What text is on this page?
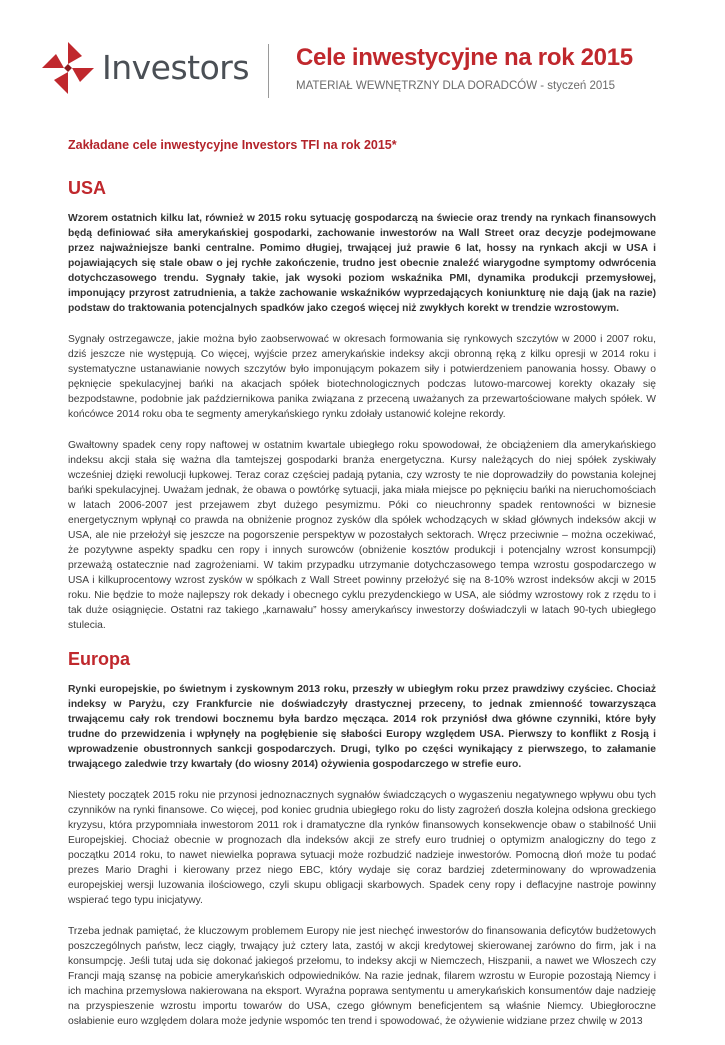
Investors Cele inwestycyjne na rok 2015
MATERIAŁ WEWNĘTRZNY DLA DORADCÓW - styczeń 2015
Zakładane cele inwestycyjne Investors TFI na rok 2015*
USA

Wzorem ostatnich kilku lat, również w 2015 roku sytuację gospodarczą na świecie oraz trendy na rynkach finansowych będą definiować siła amerykańskiej gospodarki, zachowanie inwestorów na Wall Street oraz decyzje podejmowane przez najważniejsze banki centralne. Pomimo długiej, trwającej już prawie 6 lat, hossy na rynkach akcji w USA i pojawiających się stale obaw o jej rychłe zakończenie, trudno jest obecnie znaleźć wiarygodne symptomy odwrócenia dotychczasowego trendu. Sygnały takie, jak wysoki poziom wskaźnika PMI, dynamika produkcji przemysłowej, imponujący przyrost zatrudnienia, a także zachowanie wskaźników wyprzedających koniunkturę nie dają (jak na razie) podstaw do traktowania potencjalnych spadków jako czegoś więcej niż zwykłych korekt w trendzie wzrostowym.

Sygnały ostrzegawcze, jakie można było zaobserwować w okresach formowania się rynkowych szczytów w 2000 i 2007 roku, dziś jeszcze nie występują. Co więcej, wyjście przez amerykańskie indeksy akcji obronną ręką z kilku opresji w 2014 roku i systematyczne ustanawianie nowych szczytów było imponującym pokazem siły i potwierdzeniem panowania hossy. Obawy o pęknięcie spekulacyjnej bańki na akacjach spółek biotechnologicznych podczas lutowo-marcowej korekty okazały się bezpodstawne, podobnie jak październikowa panika związana z przeceną uważanych za przewartościowane małych spółek. W końcówce 2014 roku oba te segmenty amerykańskiego rynku zdołały ustanowić kolejne rekordy.

Gwałtowny spadek ceny ropy naftowej w ostatnim kwartale ubiegłego roku spowodował, że obciążeniem dla amerykańskiego indeksu akcji stała się ważna dla tamtejszej gospodarki branża energetyczna. Kursy należących do niej spółek zyskiwały wcześniej dzięki rewolucji łupkowej. Teraz coraz częściej padają pytania, czy wzrosty te nie doprowadziły do powstania kolejnej bańki spekulacyjnej. Uważam jednak, że obawa o powtórkę sytuacji, jaka miała miejsce po pęknięciu bańki na nieruchomościach w latach 2006-2007 jest przejawem zbyt dużego pesymizmu. Póki co nieuchronny spadek rentowności w biznesie energetycznym wpłynął co prawda na obniżenie prognoz zysków dla spółek wchodzących w skład głównych indeksów akcji w USA, ale nie przełożył się jeszcze na pogorszenie perspektyw w pozostałych sektorach. Wręcz przeciwnie – można oczekiwać, że pozytywne aspekty spadku cen ropy i innych surowców (obniżenie kosztów produkcji i potencjalny wzrost konsumpcji) przeważą ostatecznie nad zagrożeniami. W takim przypadku utrzymanie dotychczasowego tempa wzrostu gospodarczego w USA i kilkuprocentowy wzrost zysków w spółkach z Wall Street powinny przełożyć się na 8-10% wzrost indeksów akcji w 2015 roku. Nie będzie to może najlepszy rok dekady i obecnego cyklu prezydenckiego w USA, ale siódmy wzrostowy rok z rzędu to i tak duże osiągnięcie. Ostatni raz takiego „karnawału” hossy amerykańscy inwestorzy doświadczyli w latach 90-tych ubiegłego stulecia.

Europa

Rynki europejskie, po świetnym i zyskownym 2013 roku, przeszły w ubiegłym roku przez prawdziwy czyściec. Chociaż indeksy w Paryżu, czy Frankfurcie nie doświadczyły drastycznej przeceny, to jednak zmienność towarzysząca trwającemu cały rok trendowi bocznemu była bardzo męcząca. 2014 rok przyniósł dwa główne czynniki, które były trudne do przewidzenia i wpłynęły na pogłębienie się słabości Europy względem USA. Pierwszy to konflikt z Rosją i wprowadzenie obustronnych sankcji gospodarczych. Drugi, tylko po części wynikający z pierwszego, to załamanie trwającego zaledwie trzy kwartały (do wiosny 2014) ożywienia gospodarczego w strefie euro.

Niestety początek 2015 roku nie przynosi jednoznacznych sygnałów świadczących o wygaszeniu negatywnego wpływu obu tych czynników na rynki finansowe. Co więcej, pod koniec grudnia ubiegłego roku do listy zagrożeń doszła kolejna odsłona greckiego kryzysu, która przypomniała inwestorom 2011 rok i dramatyczne dla rynków finansowych konsekwencje obaw o stabilność Unii Europejskiej. Chociaż obecnie w prognozach dla indeksów akcji ze strefy euro trudniej o optymizm analogiczny do tego z początku 2014 roku, to nawet niewielka poprawa sytuacji może rozbudzić nadzieje inwestorów. Pomocną dłoń może tu podać prezes Mario Draghi i kierowany przez niego EBC, który wydaje się coraz bardziej zdeterminowany do wprowadzenia europejskiej wersji luzowania ilościowego, czyli skupu obligacji skarbowych. Spadek ceny ropy i deflacyjne nastroje powinny wspierać tego typu inicjatywy.

Trzeba jednak pamiętać, że kluczowym problemem Europy nie jest niechęć inwestorów do finansowania deficytów budżetowych poszczególnych państw, lecz ciągły, trwający już cztery lata, zastój w akcji kredytowej skierowanej zarówno do firm, jak i na konsumpcję. Jeśli tutaj uda się dokonać jakiegoś przełomu, to indeksy akcji w Niemczech, Hiszpanii, a nawet we Włoszech czy Francji mają szansę na pobicie amerykańskich odpowiedników. Na razie jednak, filarem wzrostu w Europie pozostają Niemcy i ich machina przemysłowa nakierowana na eksport. Wyraźna poprawa sentymentu u amerykańskich konsumentów daje nadzieję na przyspieszenie wzrostu importu towarów do USA, czego głównym beneficjentem są właśnie Niemcy. Ubiegłoroczne osłabienie euro względem dolara może jedynie wspomóc ten trend i spowodować, że ożywienie widziane przez chwilę w 2013
